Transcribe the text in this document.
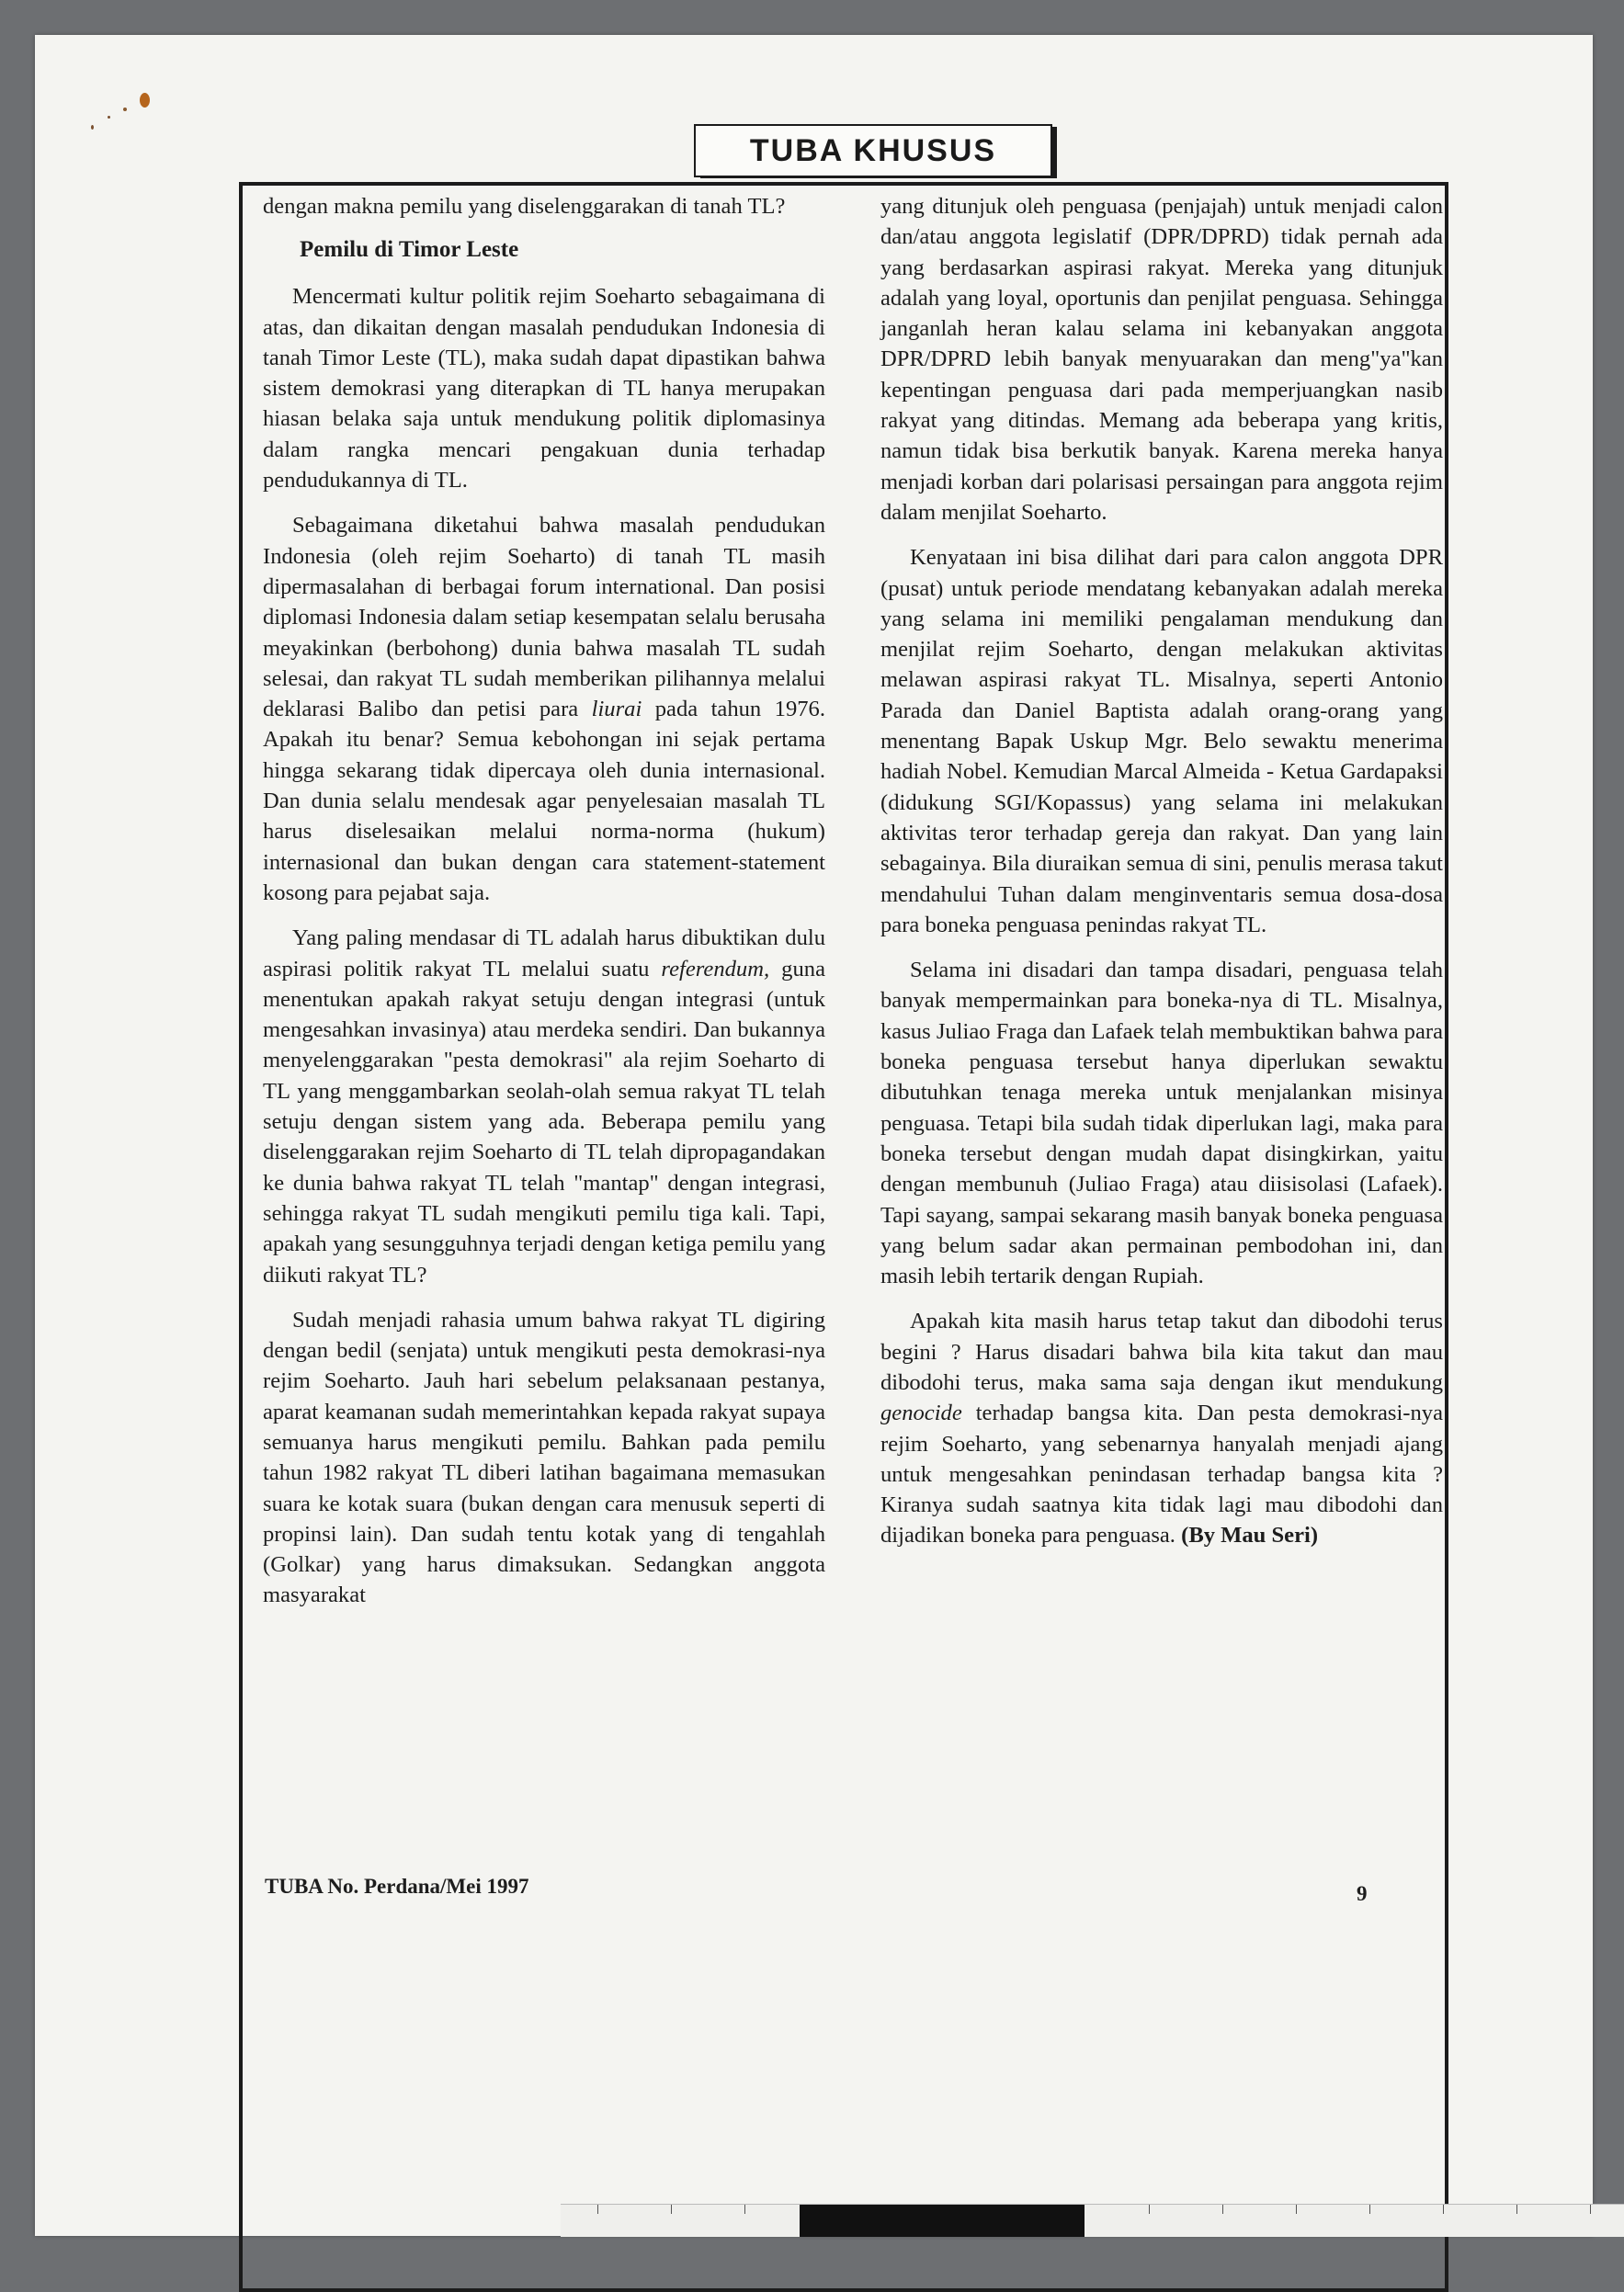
TUBA KHUSUS

dengan makna pemilu yang diselenggarakan di tanah TL?

Pemilu di Timor Leste

Mencermati kultur politik rejim Soeharto sebagaimana di atas, dan dikaitan dengan masalah pendudukan Indonesia di tanah Timor Leste (TL), maka sudah dapat dipastikan bahwa sistem demokrasi yang diterapkan di TL hanya merupakan hiasan belaka saja untuk mendukung politik diplomasinya dalam rangka mencari pengakuan dunia terhadap pendudukannya di TL.

Sebagaimana diketahui bahwa masalah pendudukan Indonesia (oleh rejim Soeharto) di tanah TL masih dipermasalahan di berbagai forum international. Dan posisi diplomasi Indonesia dalam setiap kesempatan selalu berusaha meyakinkan (berbohong) dunia bahwa masalah TL sudah selesai, dan rakyat TL sudah memberikan pilihannya melalui deklarasi Balibo dan petisi para liurai pada tahun 1976. Apakah itu benar? Semua kebohongan ini sejak pertama hingga sekarang tidak dipercaya oleh dunia internasional. Dan dunia selalu mendesak agar penyelesaian masalah TL harus diselesaikan melalui norma-norma (hukum) internasional dan bukan dengan cara statement-statement kosong para pejabat saja.

Yang paling mendasar di TL adalah harus dibuktikan dulu aspirasi politik rakyat TL melalui suatu referendum, guna menentukan apakah rakyat setuju dengan integrasi (untuk mengesahkan invasinya) atau merdeka sendiri. Dan bukannya menyelenggarakan "pesta demokrasi" ala rejim Soeharto di TL yang menggambarkan seolah-olah semua rakyat TL telah setuju dengan sistem yang ada. Beberapa pemilu yang diselenggarakan rejim Soeharto di TL telah dipropagandakan ke dunia bahwa rakyat TL telah "mantap" dengan integrasi, sehingga rakyat TL sudah mengikuti pemilu tiga kali. Tapi, apakah yang sesungguhnya terjadi dengan ketiga pemilu yang diikuti rakyat TL?

Sudah menjadi rahasia umum bahwa rakyat TL digiring dengan bedil (senjata) untuk mengikuti pesta demokrasi-nya rejim Soeharto. Jauh hari sebelum pelaksanaan pestanya, aparat keamanan sudah memerintahkan kepada rakyat supaya semuanya harus mengikuti pemilu. Bahkan pada pemilu tahun 1982 rakyat TL diberi latihan bagaimana memasukan suara ke kotak suara (bukan dengan cara menusuk seperti di propinsi lain). Dan sudah tentu kotak yang di tengahlah (Golkar) yang harus dimaksukan. Sedangkan anggota masyarakat

yang ditunjuk oleh penguasa (penjajah) untuk menjadi calon dan/atau anggota legislatif (DPR/DPRD) tidak pernah ada yang berdasarkan aspirasi rakyat. Mereka yang ditunjuk adalah yang loyal, oportunis dan penjilat penguasa. Sehingga janganlah heran kalau selama ini kebanyakan anggota DPR/DPRD lebih banyak menyuarakan dan meng"ya"kan kepentingan penguasa dari pada memperjuangkan nasib rakyat yang ditindas. Memang ada beberapa yang kritis, namun tidak bisa berkutik banyak. Karena mereka hanya menjadi korban dari polarisasi persaingan para anggota rejim dalam menjilat Soeharto.

Kenyataan ini bisa dilihat dari para calon anggota DPR (pusat) untuk periode mendatang kebanyakan adalah mereka yang selama ini memiliki pengalaman mendukung dan menjilat rejim Soeharto, dengan melakukan aktivitas melawan aspirasi rakyat TL. Misalnya, seperti Antonio Parada dan Daniel Baptista adalah orang-orang yang menentang Bapak Uskup Mgr. Belo sewaktu menerima hadiah Nobel. Kemudian Marcal Almeida - Ketua Gardapaksi (didukung SGI/Kopassus) yang selama ini melakukan aktivitas teror terhadap gereja dan rakyat. Dan yang lain sebagainya. Bila diuraikan semua di sini, penulis merasa takut mendahului Tuhan dalam menginventaris semua dosa-dosa para boneka penguasa penindas rakyat TL.

Selama ini disadari dan tampa disadari, penguasa telah banyak mempermainkan para boneka-nya di TL. Misalnya, kasus Juliao Fraga dan Lafaek telah membuktikan bahwa para boneka penguasa tersebut hanya diperlukan sewaktu dibutuhkan tenaga mereka untuk menjalankan misinya penguasa. Tetapi bila sudah tidak diperlukan lagi, maka para boneka tersebut dengan mudah dapat disingkirkan, yaitu dengan membunuh (Juliao Fraga) atau diisisolasi (Lafaek). Tapi sayang, sampai sekarang masih banyak boneka penguasa yang belum sadar akan permainan pembodohan ini, dan masih lebih tertarik dengan Rupiah.

Apakah kita masih harus tetap takut dan dibodohi terus begini ? Harus disadari bahwa bila kita takut dan mau dibodohi terus, maka sama saja dengan ikut mendukung genocide terhadap bangsa kita. Dan pesta demokrasi-nya rejim Soeharto, yang sebenarnya hanyalah menjadi ajang untuk mengesahkan penindasan terhadap bangsa kita ? Kiranya sudah saatnya kita tidak lagi mau dibodohi dan dijadikan boneka para penguasa. (By Mau Seri)

TUBA No. Perdana/Mei 1997	9
